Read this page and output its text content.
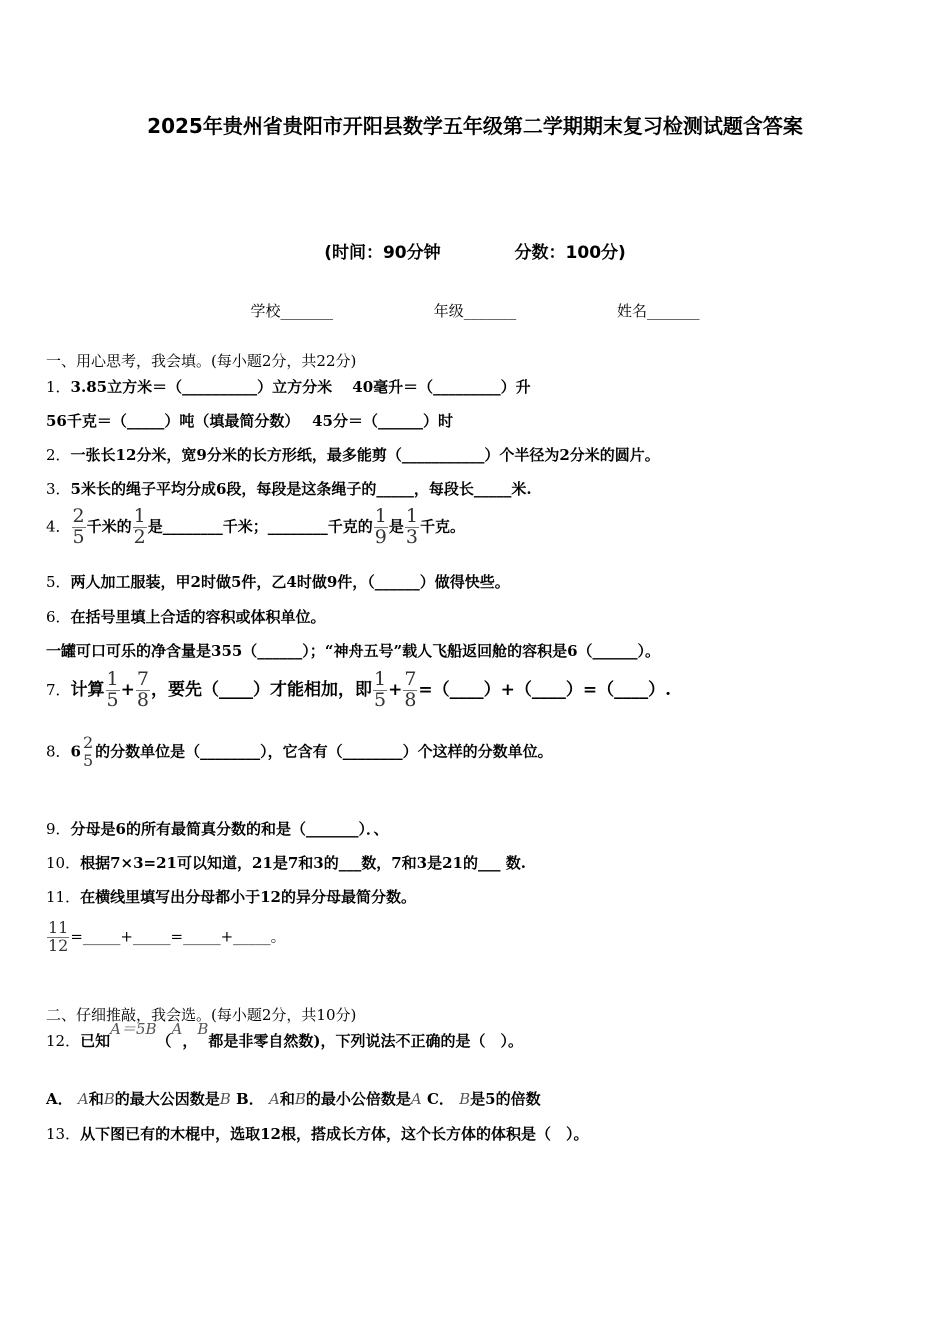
2025年贵州省贵阳市开阳县数学五年级第二学期期末复习检测试题含答案
(时间：90分钟	分数：100分)
学校_______	年级_______	姓名_______
一、用心思考，我会填。(每小题2分，共22分)
1．3.85立方米＝（__________）立方分米　 40毫升＝（_________）升
56千克＝（_____）吨（填最简分数）　 45分＝（______）时
2．一张长12分米，宽9分米的长方形纸，最多能剪（___________）个半径为2分米的圆片。
3．5米长的绳子平均分成6段，每段是这条绳子的_____，每段长_____米.
4． $\frac{2}{5}$ 千米的 $\frac{1}{2}$ 是________千米；________千克的 $\frac{1}{9}$ 是 $\frac{1}{3}$ 千克。
5．两人加工服装，甲2时做5件，乙4时做9件，（______）做得快些。
6．在括号里填上合适的容积或体积单位。
一罐可口可乐的净含量是355（______）；“神舟五号”载人飞船返回舱的容积是6（______）。
7．计算 $\frac{1}{5} + \frac{7}{8}$ ，要先（____）才能相加，即 $\frac{1}{5} + \frac{7}{8}$ =（____）+（____）=（____）.
8．$6 \frac{2}{5}$ 的分数单位是（________），它含有（________）个这样的分数单位。
9．分母是6的所有最简真分数的和是（_______）．、
10．根据7×3=21可以知道，21是7和3的___数，7和3是21的___ 数.
11．在横线里填写出分母都小于12的异分母最简分数。
$\frac{11}{12}$ =_____+_____=_____+_____。
二、仔细推敲，我会选。(每小题2分，共10分)
12．已知A＝5B（A，B都是非零自然数)，下列说法不正确的是（　）。
A． A和B的最大公因数是B B． A和B的最小公倍数是A C． B是5的倍数
13．从下图已有的木棍中，选取12根，搭成长方体，这个长方体的体积是（　）。
